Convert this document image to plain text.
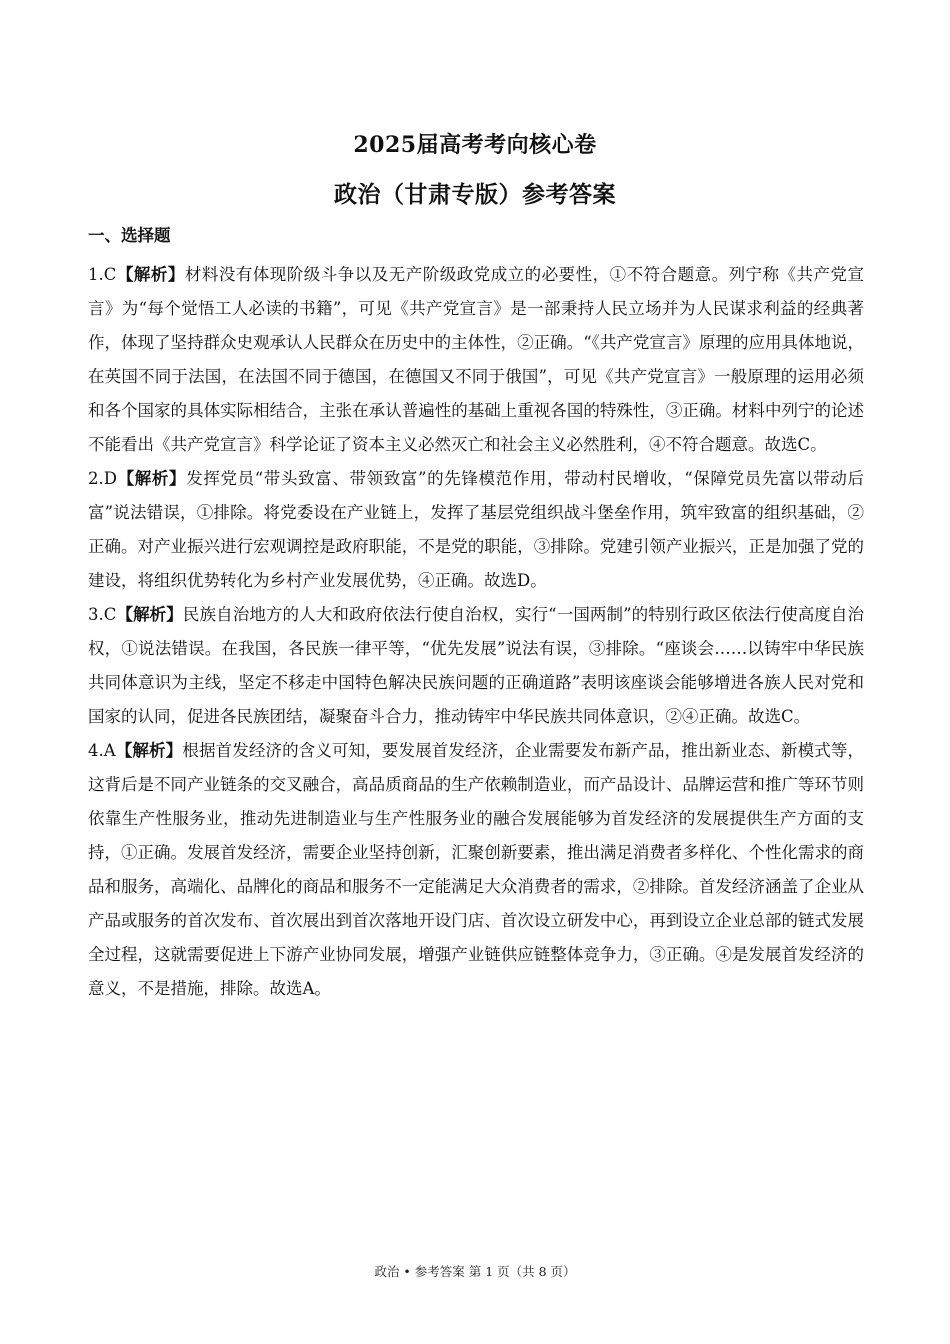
2025届高考考向核心卷
政治（甘肃专版）参考答案
一、选择题

1.C【解析】材料没有体现阶级斗争以及无产阶级政党成立的必要性，①不符合题意。列宁称《共产党宣言》为“每个觉悟工人必读的书籍”，可见《共产党宣言》是一部秉持人民立场并为人民谋求利益的经典著作，体现了坚持群众史观承认人民群众在历史中的主体性，②正确。“《共产党宣言》原理的应用具体地说，在英国不同于法国，在法国不同于德国，在德国又不同于俄国”，可见《共产党宣言》一般原理的运用必须和各个国家的具体实际相结合，主张在承认普遍性的基础上重视各国的特殊性，③正确。材料中列宁的论述不能看出《共产党宣言》科学论证了资本主义必然灭亡和社会主义必然胜利，④不符合题意。故选C。

2.D【解析】发挥党员“带头致富、带领致富”的先锋模范作用，带动村民增收，“保障党员先富以带动后富”说法错误，①排除。将党委设在产业链上，发挥了基层党组织战斗堡垒作用，筑牢致富的组织基础，②正确。对产业振兴进行宏观调控是政府职能，不是党的职能，③排除。党建引领产业振兴，正是加强了党的建设，将组织优势转化为乡村产业发展优势，④正确。故选D。

3.C【解析】民族自治地方的人大和政府依法行使自治权，实行“一国两制”的特别行政区依法行使高度自治权，①说法错误。在我国，各民族一律平等，“优先发展”说法有误，③排除。“座谈会……以铸牢中华民族共同体意识为主线，坚定不移走中国特色解决民族问题的正确道路”表明该座谈会能够增进各族人民对党和国家的认同，促进各民族团结，凝聚奋斗合力，推动铸牢中华民族共同体意识，②④正确。故选C。

4.A【解析】根据首发经济的含义可知，要发展首发经济，企业需要发布新产品，推出新业态、新模式等，这背后是不同产业链条的交叉融合，高品质商品的生产依赖制造业，而产品设计、品牌运营和推广等环节则依靠生产性服务业，推动先进制造业与生产性服务业的融合发展能够为首发经济的发展提供生产方面的支持，①正确。发展首发经济，需要企业坚持创新，汇聚创新要素，推出满足消费者多样化、个性化需求的商品和服务，高端化、品牌化的商品和服务不一定能满足大众消费者的需求，②排除。首发经济涵盖了企业从产品或服务的首次发布、首次展出到首次落地开设门店、首次设立研发中心，再到设立企业总部的链式发展全过程，这就需要促进上下游产业协同发展，增强产业链供应链整体竞争力，③正确。④是发展首发经济的意义，不是措施，排除。故选A。

政治 • 参考答案 第 1 页（共 8 页）
